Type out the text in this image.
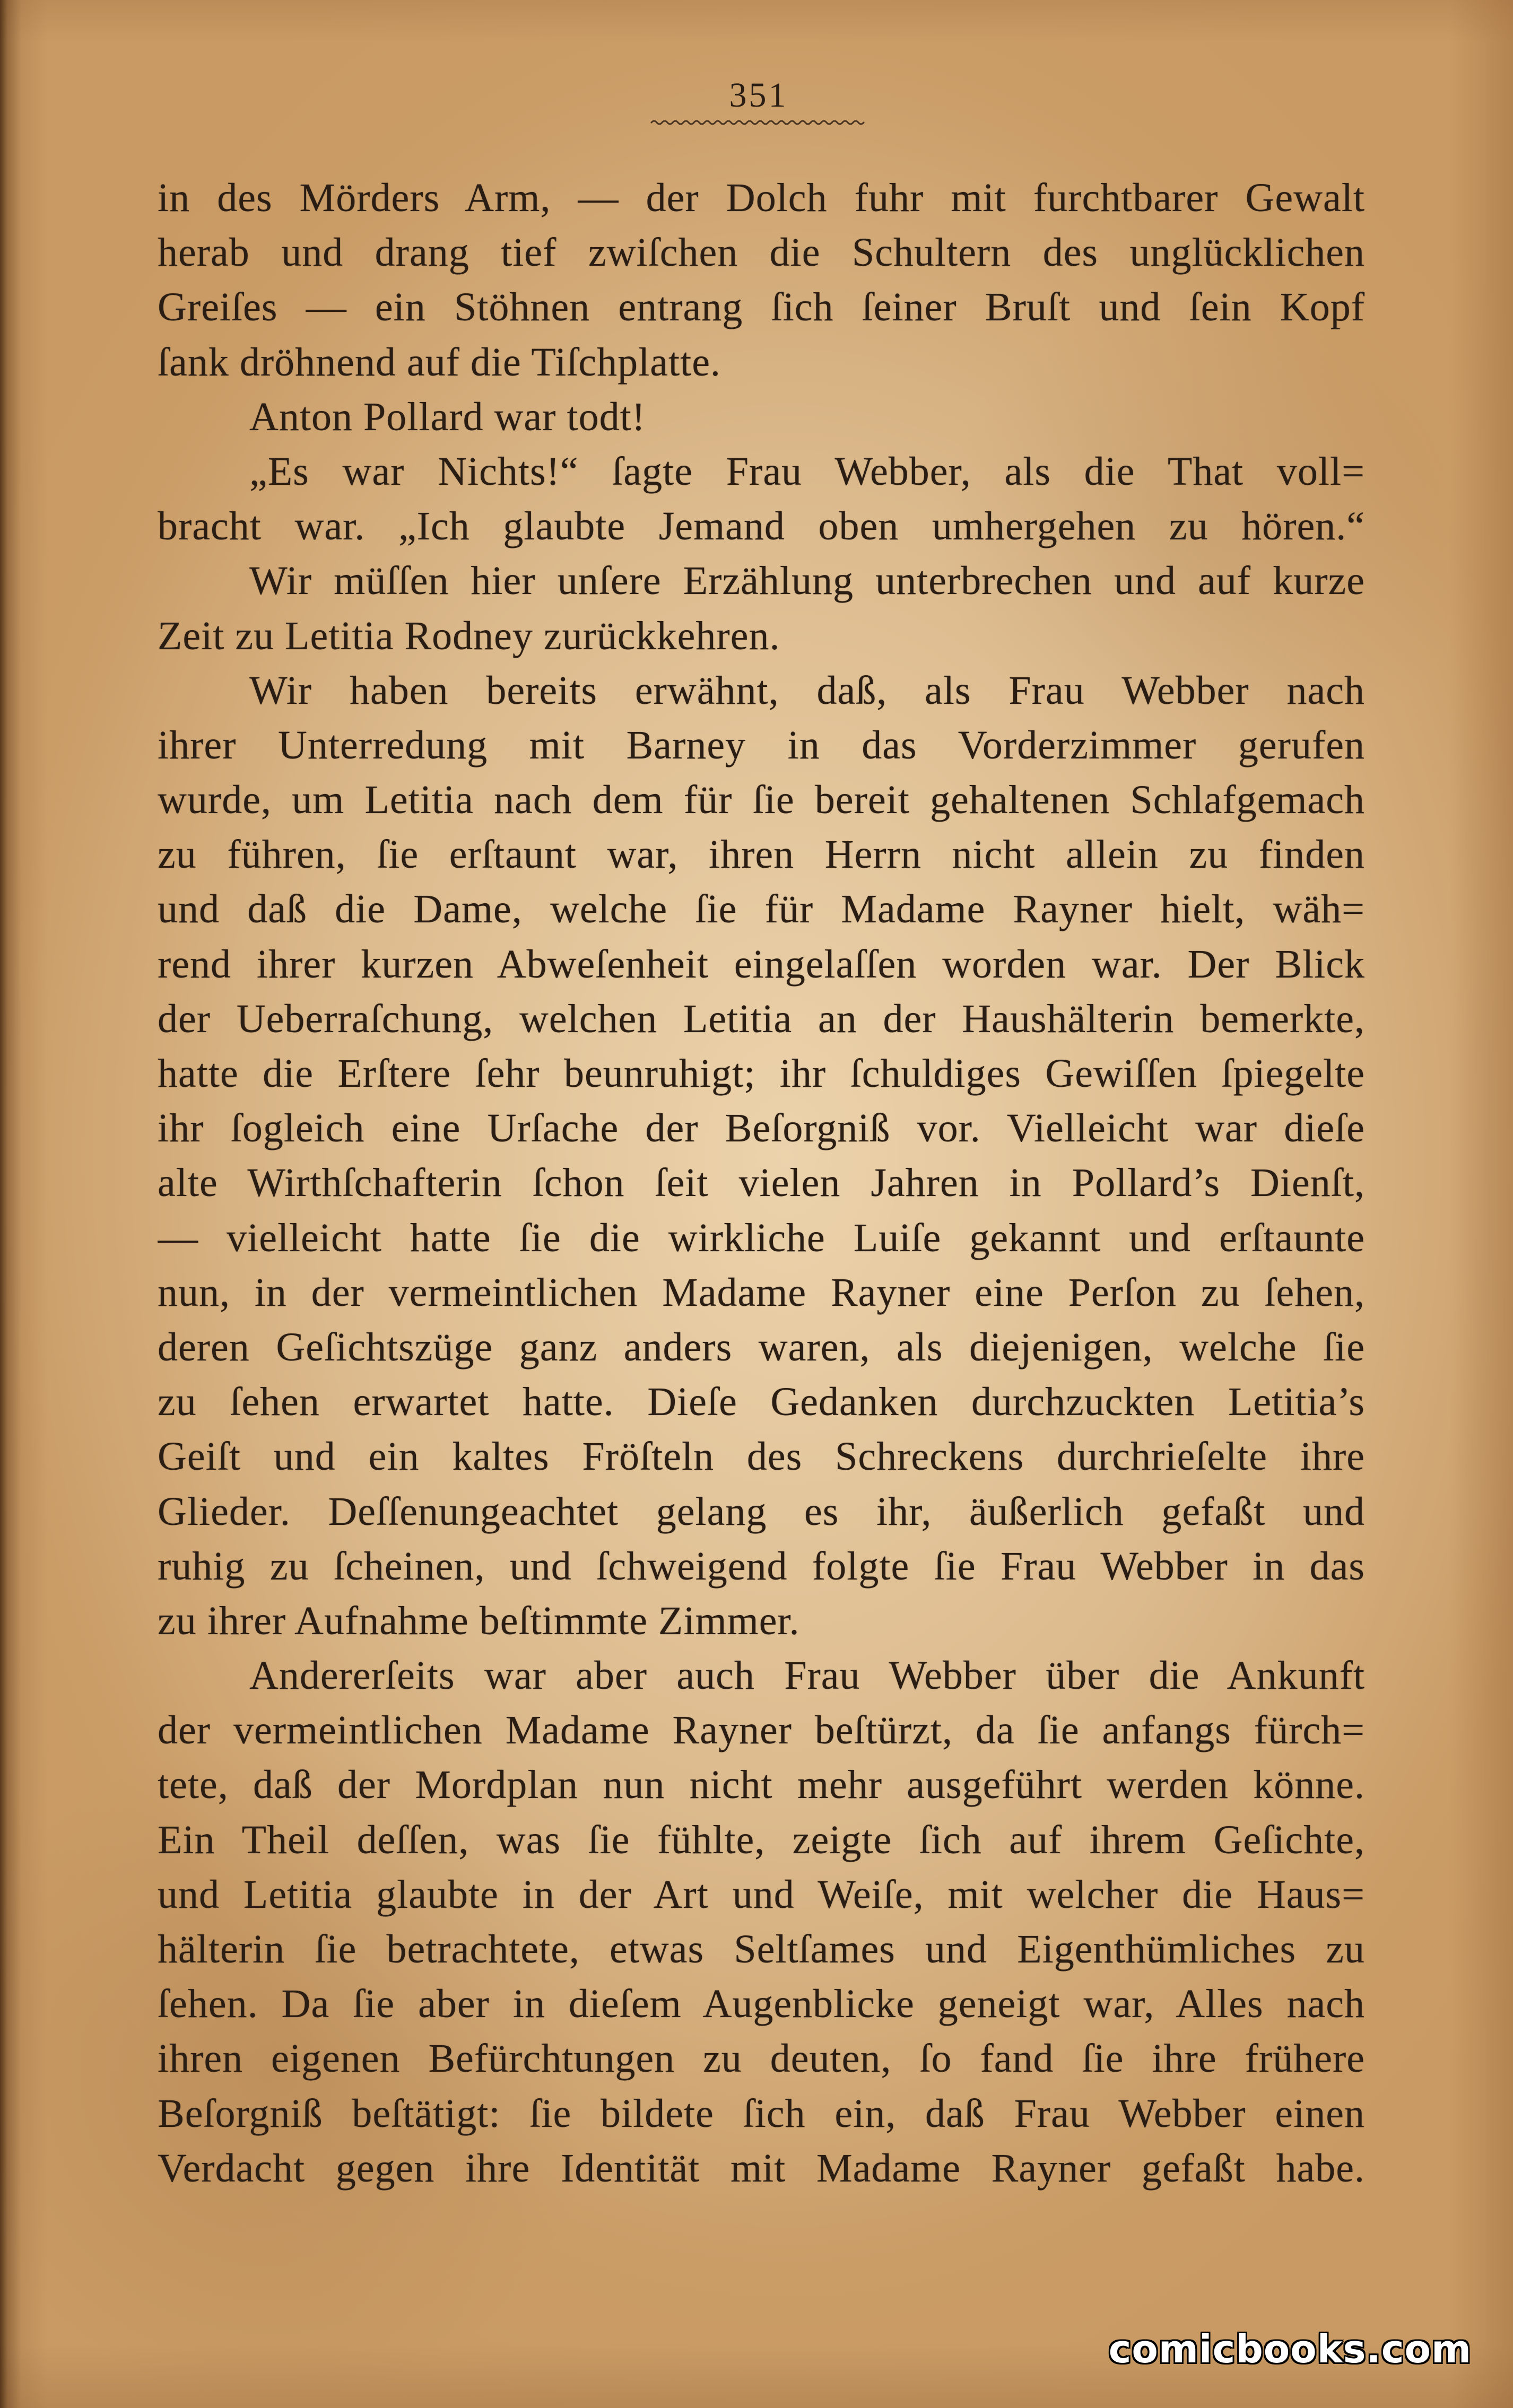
351
in des Mörders Arm, — der Dolch fuhr mit furchtbarer Gewalt
herab und drang tief zwiſchen die Schultern des unglücklichen
Greiſes — ein Stöhnen entrang ſich ſeiner Bruſt und ſein Kopf
ſank dröhnend auf die Tiſchplatte.
Anton Pollard war todt!
„Es war Nichts!“ ſagte Frau Webber, als die That voll=
bracht war. „Ich glaubte Jemand oben umhergehen zu hören.“
Wir müſſen hier unſere Erzählung unterbrechen und auf kurze
Zeit zu Letitia Rodney zurückkehren.
Wir haben bereits erwähnt, daß, als Frau Webber nach
ihrer Unterredung mit Barney in das Vorderzimmer gerufen
wurde, um Letitia nach dem für ſie bereit gehaltenen Schlafgemach
zu führen, ſie erſtaunt war, ihren Herrn nicht allein zu finden
und daß die Dame, welche ſie für Madame Rayner hielt, wäh=
rend ihrer kurzen Abweſenheit eingelaſſen worden war. Der Blick
der Ueberraſchung, welchen Letitia an der Haushälterin bemerkte,
hatte die Erſtere ſehr beunruhigt; ihr ſchuldiges Gewiſſen ſpiegelte
ihr ſogleich eine Urſache der Beſorgniß vor. Vielleicht war dieſe
alte Wirthſchafterin ſchon ſeit vielen Jahren in Pollard’s Dienſt,
— vielleicht hatte ſie die wirkliche Luiſe gekannt und erſtaunte
nun, in der vermeintlichen Madame Rayner eine Perſon zu ſehen,
deren Geſichtszüge ganz anders waren, als diejenigen, welche ſie
zu ſehen erwartet hatte. Dieſe Gedanken durchzuckten Letitia’s
Geiſt und ein kaltes Fröſteln des Schreckens durchrieſelte ihre
Glieder. Deſſenungeachtet gelang es ihr, äußerlich gefaßt und
ruhig zu ſcheinen, und ſchweigend folgte ſie Frau Webber in das
zu ihrer Aufnahme beſtimmte Zimmer.
Andererſeits war aber auch Frau Webber über die Ankunft
der vermeintlichen Madame Rayner beſtürzt, da ſie anfangs fürch=
tete, daß der Mordplan nun nicht mehr ausgeführt werden könne.
Ein Theil deſſen, was ſie fühlte, zeigte ſich auf ihrem Geſichte,
und Letitia glaubte in der Art und Weiſe, mit welcher die Haus=
hälterin ſie betrachtete, etwas Seltſames und Eigenthümliches zu
ſehen. Da ſie aber in dieſem Augenblicke geneigt war, Alles nach
ihren eigenen Befürchtungen zu deuten, ſo fand ſie ihre frühere
Beſorgniß beſtätigt: ſie bildete ſich ein, daß Frau Webber einen
Verdacht gegen ihre Identität mit Madame Rayner gefaßt habe.
comicbooks.com
